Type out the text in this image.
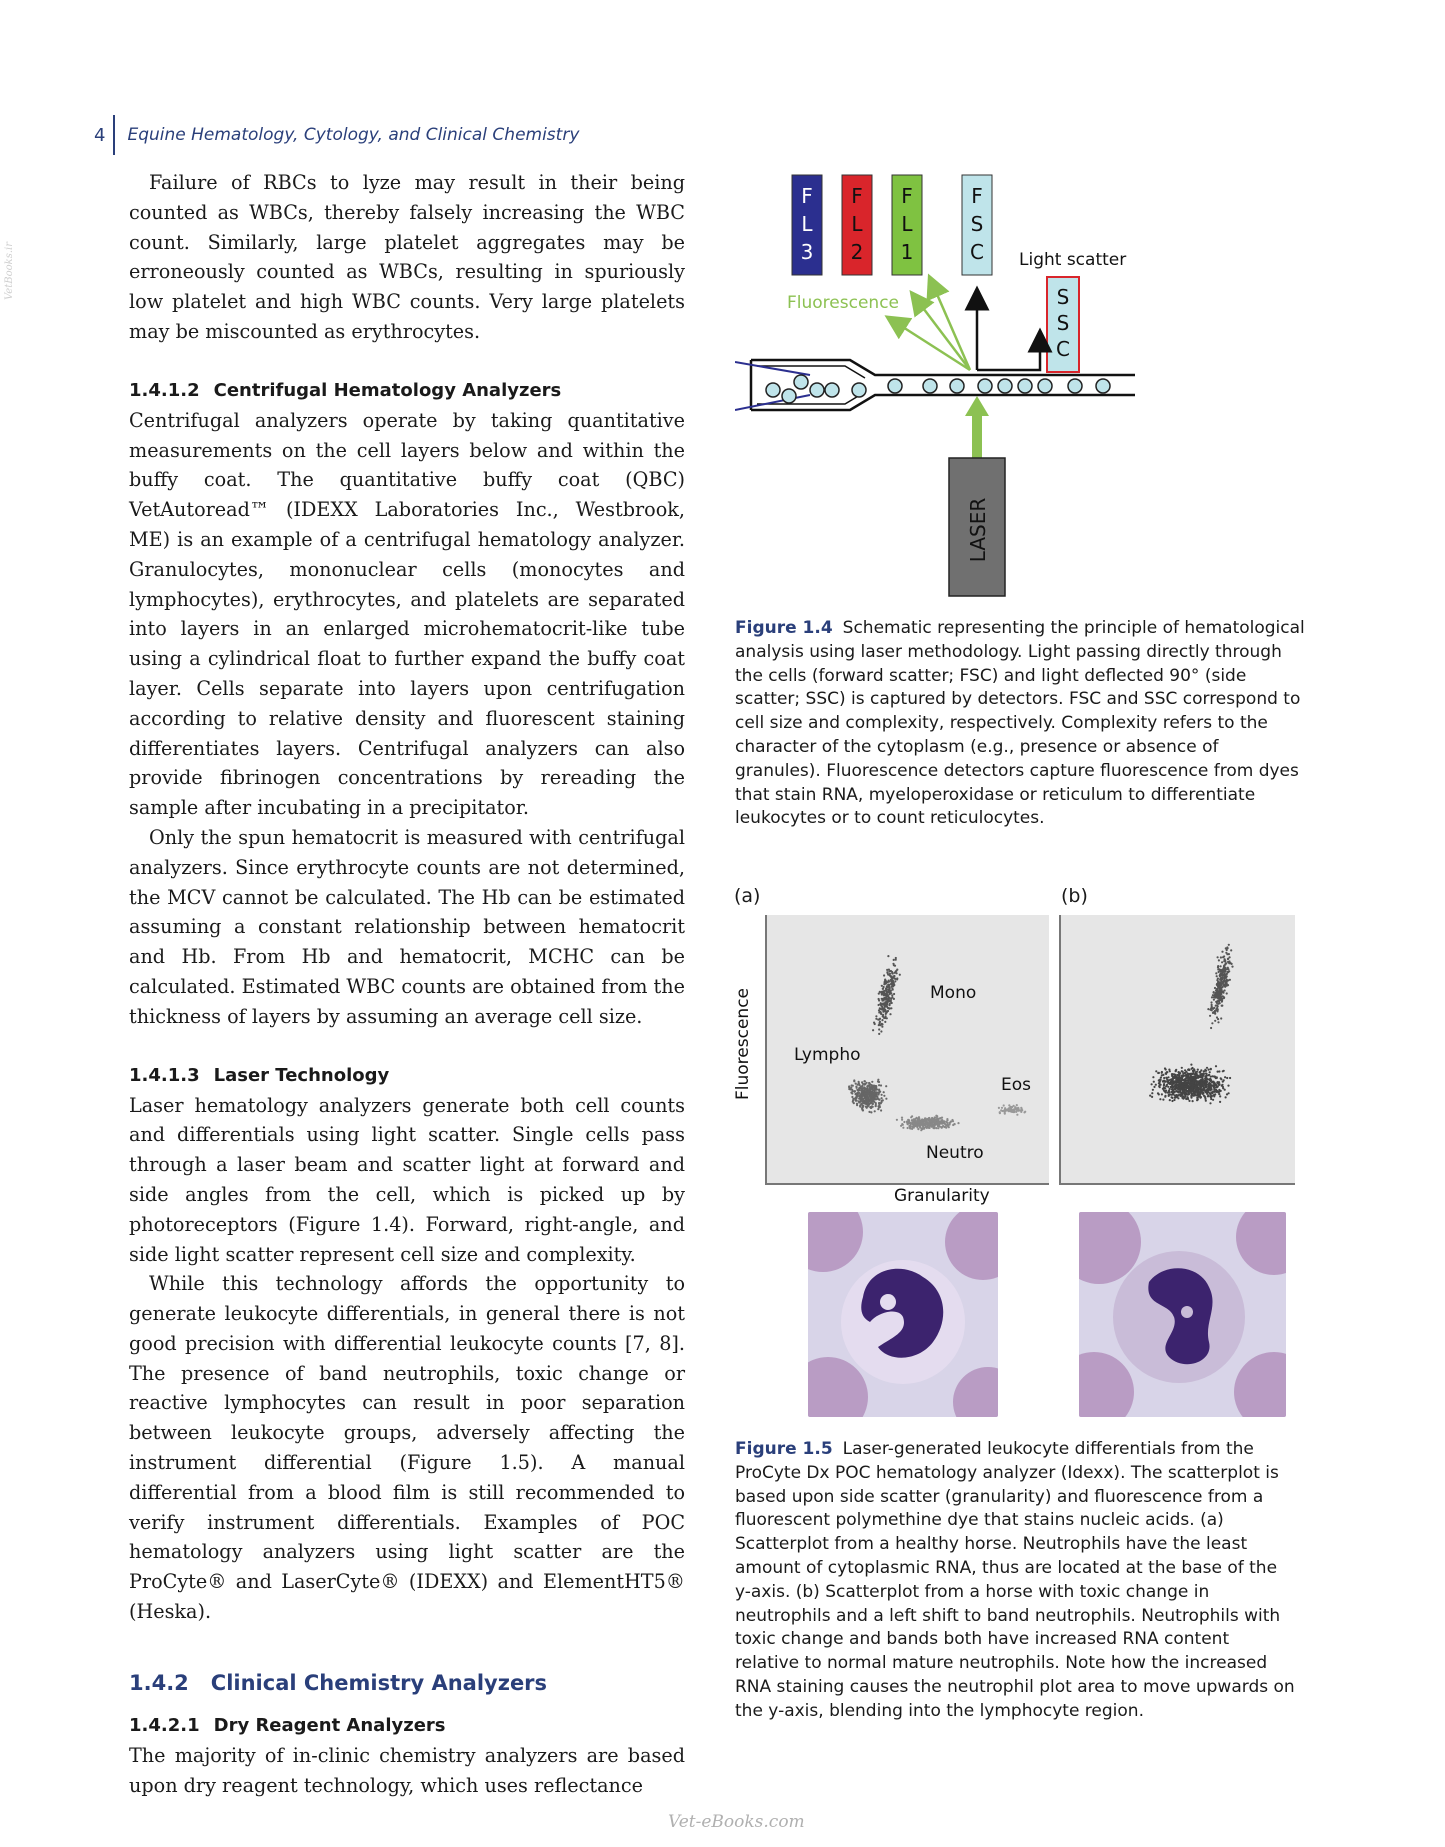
4 Equine Hematology, Cytology, and Clinical Chemistry
VetBooks.ir

Failure of RBCs to lyze may result in their being counted as WBCs, thereby falsely increasing the WBC count. Similarly, large platelet aggregates may be erroneously counted as WBCs, resulting in spuriously low platelet and high WBC counts. Very large platelets may be miscounted as erythrocytes.

1.4.1.2 Centrifugal Hematology Analyzers

Centrifugal analyzers operate by taking quantitative measurements on the cell layers below and within the buffy coat. The quantitative buffy coat (QBC) VetAutoread™ (IDEXX Laboratories Inc., Westbrook, ME) is an example of a centrifugal hematology analyzer. Granulocytes, mononuclear cells (monocytes and lymphocytes), erythrocytes, and platelets are separated into layers in an enlarged microhematocrit-like tube using a cylindrical float to further expand the buffy coat layer. Cells separate into layers upon centrifugation according to relative density and fluorescent staining differentiates layers. Centrifugal analyzers can also provide fibrinogen concentrations by rereading the sample after incubating in a precipitator.

Only the spun hematocrit is measured with centrifugal analyzers. Since erythrocyte counts are not determined, the MCV cannot be calculated. The Hb can be estimated assuming a constant relationship between hematocrit and Hb. From Hb and hematocrit, MCHC can be calculated. Estimated WBC counts are obtained from the thickness of layers by assuming an average cell size.

1.4.1.3 Laser Technology

Laser hematology analyzers generate both cell counts and differentials using light scatter. Single cells pass through a laser beam and scatter light at forward and side angles from the cell, which is picked up by photoreceptors (Figure 1.4). Forward, right-angle, and side light scatter represent cell size and complexity.

While this technology affords the opportunity to generate leukocyte differentials, in general there is not good precision with differential leukocyte counts [7, 8]. The presence of band neutrophils, toxic change or reactive lymphocytes can result in poor separation between leukocyte groups, adversely affecting the instrument differential (Figure 1.5). A manual differential from a blood film is still recommended to verify instrument differentials. Examples of POC hematology analyzers using light scatter are the ProCyte® and LaserCyte® (IDEXX) and ElementHT5® (Heska).

1.4.2 Clinical Chemistry Analyzers
1.4.2.1 Dry Reagent Analyzers

The majority of in-clinic chemistry analyzers are based upon dry reagent technology, which uses reflectance

F
L
3
F
L
2
F
L
1
F
S
C Light scatter
S
S
C
Fluorescence
LASER
Figure 1.4 Schematic representing the principle of hematological analysis using laser methodology. Light passing directly through the cells (forward scatter; FSC) and light deflected 90° (side scatter; SSC) is captured by detectors. FSC and SSC correspond to cell size and complexity, respectively. Complexity refers to the character of the cytoplasm (e.g., presence or absence of granules). Fluorescence detectors capture fluorescence from dyes that stain RNA, myeloperoxidase or reticulum to differentiate leukocytes or to count reticulocytes.
(a)	(b)
Fluorescence	Mono
Lympho
Eos
Neutro
Granularity
Figure 1.5 Laser-generated leukocyte differentials from the ProCyte Dx POC hematology analyzer (Idexx). The scatterplot is based upon side scatter (granularity) and fluorescence from a fluorescent polymethine dye that stains nucleic acids. (a) Scatterplot from a healthy horse. Neutrophils have the least amount of cytoplasmic RNA, thus are located at the base of the y-axis. (b) Scatterplot from a horse with toxic change in neutrophils and a left shift to band neutrophils. Neutrophils with toxic change and bands both have increased RNA content relative to normal mature neutrophils. Note how the increased RNA staining causes the neutrophil plot area to move upwards on the y-axis, blending into the lymphocyte region.
Vet-eBooks.com
